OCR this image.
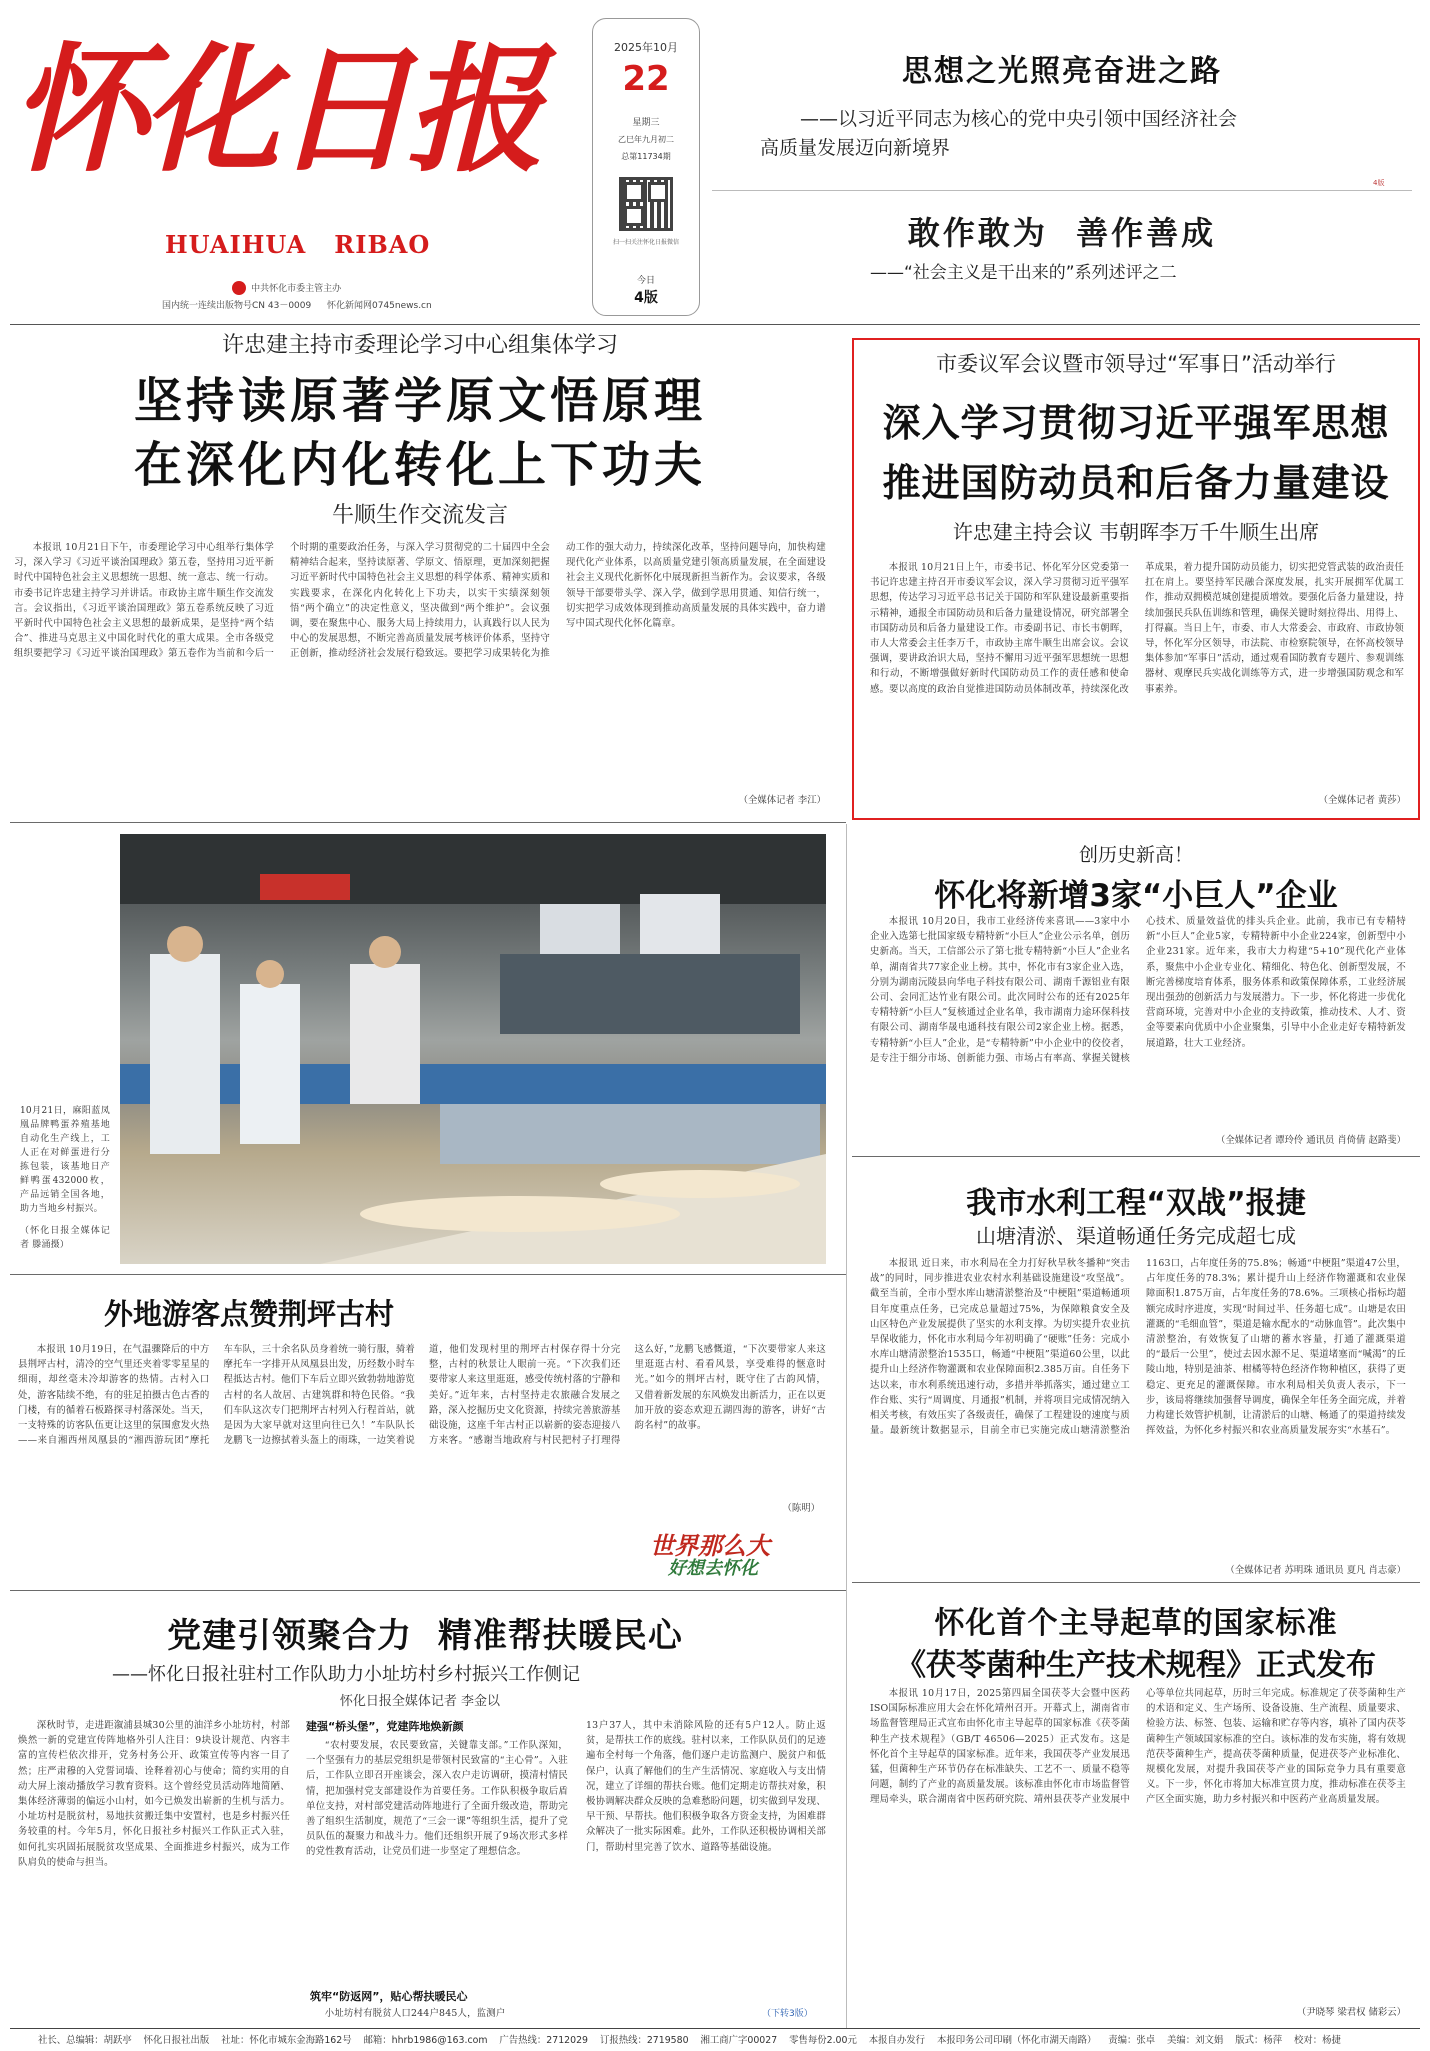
怀化日报
HUAIHUA   RIBAO
中共怀化市委主管主办
国内统一连续出版物号CN 43－0009 怀化新闻网0745news.cn
2025年10月
22
星期三
乙巳年九月初二
总第11734期
扫一扫关注怀化日报微信
今日
4版
思想之光照亮奋进之路
——以习近平同志为核心的党中央引领中国经济社会
高质量发展迈向新境界
4版
敢作敢为  善作善成
——“社会主义是干出来的”系列述评之二
许忠建主持市委理论学习中心组集体学习
坚持读原著学原文悟原理
在深化内化转化上下功夫
牛顺生作交流发言
本报讯 10月21日下午，市委理论学习中心组举行集体学习，深入学习《习近平谈治国理政》第五卷，坚持用习近平新时代中国特色社会主义思想统一思想、统一意志、统一行动。市委书记许忠建主持学习并讲话。市政协主席牛顺生作交流发言。会议指出，《习近平谈治国理政》第五卷系统反映了习近平新时代中国特色社会主义思想的最新成果，是坚持“两个结合”、推进马克思主义中国化时代化的重大成果。全市各级党组织要把学习《习近平谈治国理政》第五卷作为当前和今后一个时期的重要政治任务，与深入学习贯彻党的二十届四中全会精神结合起来，坚持读原著、学原文、悟原理，更加深刻把握习近平新时代中国特色社会主义思想的科学体系、精神实质和实践要求，在深化内化转化上下功夫，以实干实绩深刻领悟“两个确立”的决定性意义，坚决做到“两个维护”。会议强调，要在聚焦中心、服务大局上持续用力，认真践行以人民为中心的发展思想，不断完善高质量发展考核评价体系，坚持守正创新，推动经济社会发展行稳致远。要把学习成果转化为推动工作的强大动力，持续深化改革，坚持问题导向，加快构建现代化产业体系，以高质量党建引领高质量发展，在全面建设社会主义现代化新怀化中展现新担当新作为。会议要求，各级领导干部要带头学、深入学，做到学思用贯通、知信行统一，切实把学习成效体现到推动高质量发展的具体实践中，奋力谱写中国式现代化怀化篇章。
（全媒体记者 李江）
市委议军会议暨市领导过“军事日”活动举行
深入学习贯彻习近平强军思想
推进国防动员和后备力量建设
许忠建主持会议 韦朝晖李万千牛顺生出席
本报讯 10月21日上午，市委书记、怀化军分区党委第一书记许忠建主持召开市委议军会议，深入学习贯彻习近平强军思想，传达学习习近平总书记关于国防和军队建设最新重要指示精神，通报全市国防动员和后备力量建设情况，研究部署全市国防动员和后备力量建设工作。市委副书记、市长韦朝晖，市人大常委会主任李万千，市政协主席牛顺生出席会议。会议强调，要讲政治识大局，坚持不懈用习近平强军思想统一思想和行动，不断增强做好新时代国防动员工作的责任感和使命感。要以高度的政治自觉推进国防动员体制改革，持续深化改革成果，着力提升国防动员能力，切实把党管武装的政治责任扛在肩上。要坚持军民融合深度发展，扎实开展拥军优属工作，推动双拥模范城创建提质增效。要强化后备力量建设，持续加强民兵队伍训练和管理，确保关键时刻拉得出、用得上、打得赢。当日上午，市委、市人大常委会、市政府、市政协领导，怀化军分区领导，市法院、市检察院领导，在怀高校领导集体参加“军事日”活动，通过观看国防教育专题片、参观训练器材、观摩民兵实战化训练等方式，进一步增强国防观念和军事素养。
（全媒体记者 黄莎）
10月21日，麻阳蓝凤凰品牌鸭蛋养殖基地自动化生产线上，工人正在对鲜蛋进行分拣包装，该基地日产鲜鸭蛋432000枚，产品远销全国各地，助力当地乡村振兴。
（怀化日报全媒体记者 滕涌摄）
创历史新高！
怀化将新增3家“小巨人”企业
本报讯 10月20日，我市工业经济传来喜讯——3家中小企业入选第七批国家级专精特新“小巨人”企业公示名单，创历史新高。当天，工信部公示了第七批专精特新“小巨人”企业名单，湖南省共77家企业上榜。其中，怀化市有3家企业入选，分别为湖南沅陵县向华电子科技有限公司、湖南千源铝业有限公司、会同汇达竹业有限公司。此次同时公布的还有2025年专精特新“小巨人”复核通过企业名单，我市湖南力途环保科技有限公司、湖南华晟电通科技有限公司2家企业上榜。据悉，专精特新“小巨人”企业，是“专精特新”中小企业中的佼佼者，是专注于细分市场、创新能力强、市场占有率高、掌握关键核心技术、质量效益优的排头兵企业。此前，我市已有专精特新“小巨人”企业5家，专精特新中小企业224家，创新型中小企业231家。近年来，我市大力构建“5+10”现代化产业体系，聚焦中小企业专业化、精细化、特色化、创新型发展，不断完善梯度培育体系，服务体系和政策保障体系，工业经济展现出强劲的创新活力与发展潜力。下一步，怀化将进一步优化营商环境，完善对中小企业的支持政策，推动技术、人才、资金等要素向优质中小企业聚集，引导中小企业走好专精特新发展道路，壮大工业经济。
（全媒体记者 谭玲伶 通讯员 肖倚倩 赵路斐）
我市水利工程“双战”报捷
山塘清淤、渠道畅通任务完成超七成
本报讯 近日来，市水利局在全力打好秋旱秋冬播种“突击战”的同时，同步推进农业农村水利基础设施建设“攻坚战”。截至当前，全市小型水库山塘清淤整治及“中梗阻”渠道畅通项目年度重点任务，已完成总量超过75%，为保障粮食安全及山区特色产业发展提供了坚实的水利支撑。为切实提升农业抗旱保收能力，怀化市水利局今年初明确了“硬账”任务：完成小水库山塘清淤整治1535口，畅通“中梗阻”渠道60公里，以此提升山上经济作物灌溉和农业保障面积2.385万亩。自任务下达以来，市水利系统迅速行动，多措并举抓落实，通过建立工作台账、实行“周调度、月通报”机制，并将项目完成情况纳入相关考核，有效压实了各级责任，确保了工程建设的速度与质量。最新统计数据显示，目前全市已实施完成山塘清淤整治1163口，占年度任务的75.8%；畅通“中梗阻”渠道47公里，占年度任务的78.3%；累计提升山上经济作物灌溉和农业保障面积1.875万亩，占年度任务的78.6%。三项核心指标均超额完成时序进度，实现“时间过半、任务超七成”。山塘是农田灌溉的“毛细血管”，渠道是输水配水的“动脉血管”。此次集中清淤整治，有效恢复了山塘的蓄水容量，打通了灌溉渠道的“最后一公里”，使过去因水源不足、渠道堵塞而“喊渴”的丘陵山地，特别是油茶、柑橘等特色经济作物种植区，获得了更稳定、更充足的灌溉保障。市水利局相关负责人表示，下一步，该局将继续加强督导调度，确保全年任务全面完成，并着力构建长效管护机制，让清淤后的山塘、畅通了的渠道持续发挥效益，为怀化乡村振兴和农业高质量发展夯实“水基石”。
（全媒体记者 苏明珠 通讯员 夏凡 肖志豪）
外地游客点赞荆坪古村
本报讯 10月19日，在气温骤降后的中方县荆坪古村，清冷的空气里还夹着零零星星的细雨，却丝毫未冷却游客的热情。古村入口处，游客陆续不绝，有的驻足拍摄古色古香的门楼，有的循着石板路探寻村落深处。当天，一支特殊的访客队伍更让这里的氛围愈发火热——来自湘西州凤凰县的“湘西游玩团”摩托车车队，三十余名队员身着统一骑行服，骑着摩托车一字排开从凤凰县出发，历经数小时车程抵达古村。他们下车后立即兴致勃勃地游览古村的名人故居、古建筑群和特色民俗。“我们车队这次专门把荆坪古村列入行程首站，就是因为大家早就对这里向往已久！”车队队长龙鹏飞一边擦拭着头盔上的雨珠，一边笑着说道，他们发现村里的荆坪古村保存得十分完整，古村的秋景让人眼前一亮。“下次我们还要带家人来这里逛逛，感受传统村落的宁静和美好。”近年来，古村坚持走农旅融合发展之路，深入挖掘历史文化资源，持续完善旅游基础设施，这座千年古村正以崭新的姿态迎接八方来客。“感谢当地政府与村民把村子打理得这么好，”龙鹏飞感慨道，“下次要带家人来这里逛逛古村、看看风景，享受难得的惬意时光。”如今的荆坪古村，既守住了古韵风情，又借着新发展的东风焕发出新活力，正在以更加开放的姿态欢迎五湖四海的游客，讲好“古韵名村”的故事。
世界那么大
好想去怀化
（陈明）
党建引领聚合力  精准帮扶暖民心
——怀化日报社驻村工作队助力小址坊村乡村振兴工作侧记
怀化日报全媒体记者 李金以
深秋时节，走进距溆浦县城30公里的油洋乡小址坊村，村部焕然一新的党建宣传阵地格外引人注目：9块设计规范、内容丰富的宣传栏依次排开，党务村务公开、政策宣传等内容一目了然；庄严肃穆的入党誓词墙、诠释着初心与使命；简约实用的自动大屏上滚动播放学习教育资料。这个曾经党员活动阵地简陋、集体经济薄弱的偏远小山村，如今已焕发出崭新的生机与活力。小址坊村是脱贫村，易地扶贫搬迁集中安置村，也是乡村振兴任务较重的村。今年5月，怀化日报社乡村振兴工作队正式入驻，如何扎实巩固拓展脱贫攻坚成果、全面推进乡村振兴，成为工作队肩负的使命与担当。
建强“桥头堡”，党建阵地焕新颜
“农村要发展，农民要致富，关键靠支部。”工作队深知，一个坚强有力的基层党组织是带领村民致富的“主心骨”。入驻后，工作队立即召开座谈会，深入农户走访调研，摸清村情民情，把加强村党支部建设作为首要任务。工作队积极争取后盾单位支持，对村部党建活动阵地进行了全面升级改造，帮助完善了组织生活制度，规范了“三会一课”等组织生活，提升了党员队伍的凝聚力和战斗力。他们还组织开展了9场次形式多样的党性教育活动，让党员们进一步坚定了理想信念。
筑牢“防返网”，贴心帮扶暖民心
小址坊村有脱贫人口244户845人，监测户
13户37人，其中未消除风险的还有5户12人。防止返贫，是帮扶工作的底线。驻村以来，工作队队员们的足迹遍布全村每一个角落，他们逐户走访监测户、脱贫户和低保户，认真了解他们的生产生活情况、家庭收入与支出情况，建立了详细的帮扶台账。他们定期走访帮扶对象，积极协调解决群众反映的急难愁盼问题，切实做到早发现、早干预、早帮扶。他们积极争取各方资金支持，为困难群众解决了一批实际困难。此外，工作队还积极协调相关部门，帮助村里完善了饮水、道路等基础设施。
（下转3版）
怀化首个主导起草的国家标准
《茯苓菌种生产技术规程》正式发布
本报讯 10月17日，2025第四届全国茯苓大会暨中医药ISO国际标准应用大会在怀化靖州召开。开幕式上，湖南省市场监督管理局正式宣布由怀化市主导起草的国家标准《茯苓菌种生产技术规程》（GB/T 46506—2025）正式发布。这是怀化首个主导起草的国家标准。近年来，我国茯苓产业发展迅猛，但菌种生产环节仍存在标准缺失、工艺不一、质量不稳等问题，制约了产业的高质量发展。该标准由怀化市市场监督管理局牵头，联合湖南省中医药研究院、靖州县茯苓产业发展中心等单位共同起草，历时三年完成。标准规定了茯苓菌种生产的术语和定义、生产场所、设备设施、生产流程、质量要求、检验方法、标签、包装、运输和贮存等内容，填补了国内茯苓菌种生产领域国家标准的空白。该标准的发布实施，将有效规范茯苓菌种生产，提高茯苓菌种质量，促进茯苓产业标准化、规模化发展，对提升我国茯苓产业的国际竞争力具有重要意义。下一步，怀化市将加大标准宣贯力度，推动标准在茯苓主产区全面实施，助力乡村振兴和中医药产业高质量发展。
（尹晓琴 梁君权 储彩云）
社长、总编辑：胡跃亭    怀化日报社出版    社址：怀化市城东金海路162号    邮箱：hhrb1986@163.com    广告热线：2712029    订报热线：2719580    湘工商广字00027    零售每份2.00元    本报自办发行    本报印务公司印刷（怀化市湖天南路）    责编：张卓    美编：刘文娟    版式：杨萍    校对：杨捷
